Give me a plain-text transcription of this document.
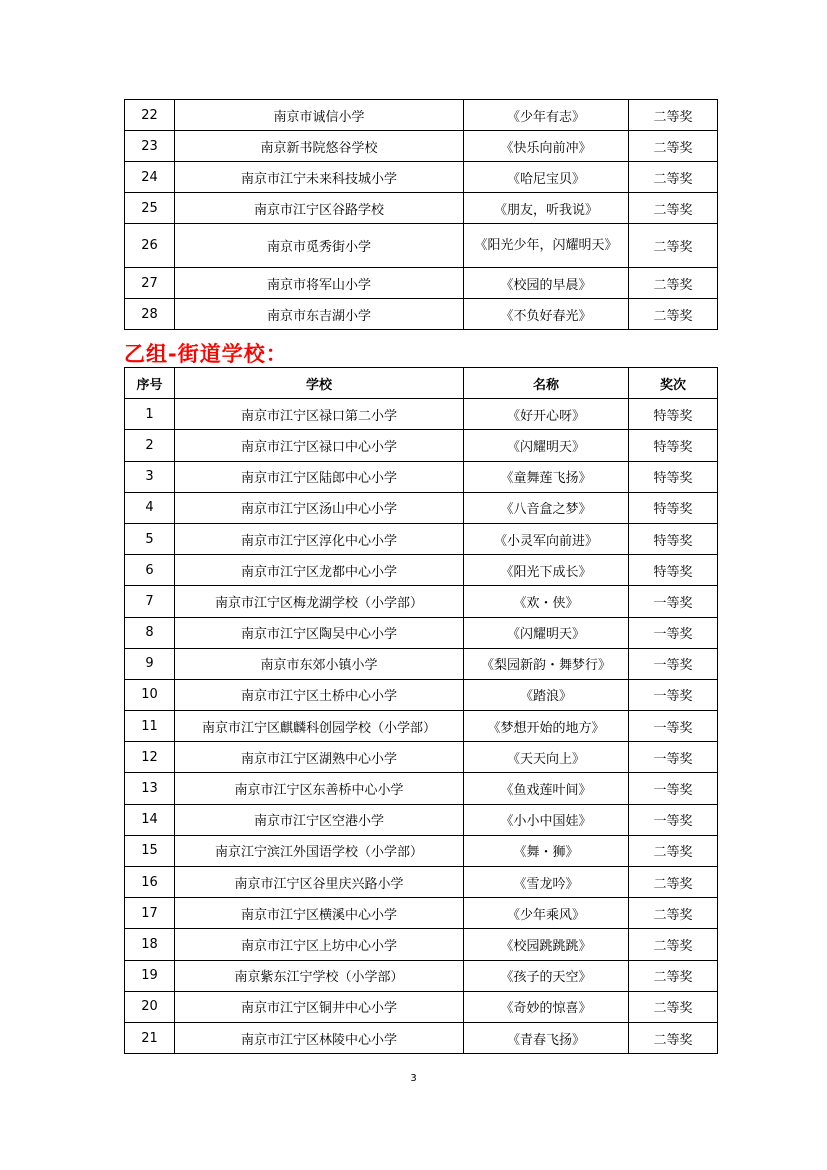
22	南京市诚信小学	《少年有志》	二等奖
23	南京新书院悠谷学校	《快乐向前冲》	二等奖
24	南京市江宁未来科技城小学	《哈尼宝贝》	二等奖
25	南京市江宁区谷路学校	《朋友，听我说》	二等奖
26	南京市觅秀街小学	《阳光少年，闪耀明天》	二等奖
27	南京市将军山小学	《校园的早晨》	二等奖
28	南京市东吉湖小学	《不负好春光》	二等奖
乙组-街道学校：
序号	学校	名称	奖次
1	南京市江宁区禄口第二小学	《好开心呀》	特等奖
2	南京市江宁区禄口中心小学	《闪耀明天》	特等奖
3	南京市江宁区陆郎中心小学	《童舞莲飞扬》	特等奖
4	南京市江宁区汤山中心小学	《八音盒之梦》	特等奖
5	南京市江宁区淳化中心小学	《小灵军向前进》	特等奖
6	南京市江宁区龙都中心小学	《阳光下成长》	特等奖
7	南京市江宁区梅龙湖学校（小学部）	《欢・侠》	一等奖
8	南京市江宁区陶吴中心小学	《闪耀明天》	一等奖
9	南京市东郊小镇小学	《梨园新韵・舞梦行》	一等奖
10	南京市江宁区土桥中心小学	《踏浪》	一等奖
11	南京市江宁区麒麟科创园学校（小学部）	《梦想开始的地方》	一等奖
12	南京市江宁区湖熟中心小学	《天天向上》	一等奖
13	南京市江宁区东善桥中心小学	《鱼戏莲叶间》	一等奖
14	南京市江宁区空港小学	《小小中国娃》	一等奖
15	南京江宁滨江外国语学校（小学部）	《舞・狮》	二等奖
16	南京市江宁区谷里庆兴路小学	《雪龙吟》	二等奖
17	南京市江宁区横溪中心小学	《少年乘风》	二等奖
18	南京市江宁区上坊中心小学	《校园跳跳跳》	二等奖
19	南京紫东江宁学校（小学部）	《孩子的天空》	二等奖
20	南京市江宁区铜井中心小学	《奇妙的惊喜》	二等奖
21	南京市江宁区林陵中心小学	《青春飞扬》	二等奖
3
